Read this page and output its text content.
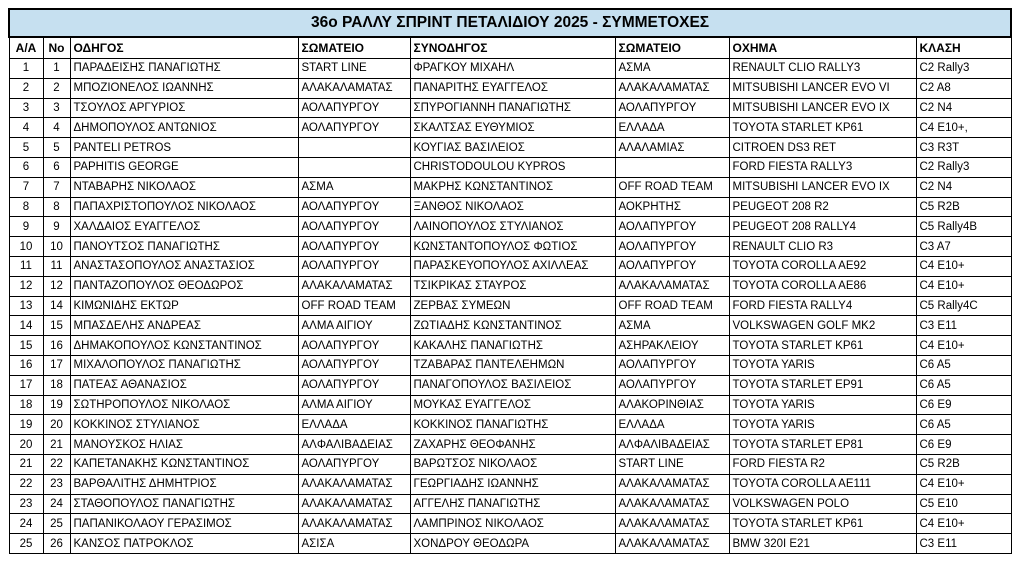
36ο ΡΑΛΛΥ ΣΠΡΙΝΤ ΠΕΤΑΛΙΔΙΟΥ 2025 - ΣΥΜΜΕΤΟΧΕΣ							
Α/Α	No	ΟΔΗΓΟΣ	ΣΩΜΑΤΕΙΟ	ΣΥΝΟΔΗΓΟΣ	ΣΩΜΑΤΕΙΟ	ΟΧΗΜΑ	ΚΛΑΣΗ
1	1	ΠΑΡΑΔΕΙΣΗΣ ΠΑΝΑΓΙΩΤΗΣ	START LINE	ΦΡΑΓΚΟΥ ΜΙΧΑΗΛ	ΑΣΜΑ	RENAULT CLIO RALLY3	C2 Rally3
2	2	ΜΠΟΖΙΟΝΕΛΟΣ ΙΩΑΝΝΗΣ	ΑΛΑΚΑΛΑΜΑΤΑΣ	ΠΑΝΑΡΙΤΗΣ ΕΥΑΓΓΕΛΟΣ	ΑΛΑΚΑΛΑΜΑΤΑΣ	MITSUBISHI LANCER EVO VI	C2 A8
3	3	ΤΣΟΥΛΟΣ ΑΡΓΥΡΙΟΣ	ΑΟΛΑΠΥΡΓΟΥ	ΣΠΥΡΟΓΙΑΝΝΗ ΠΑΝΑΓΙΩΤΗΣ	ΑΟΛΑΠΥΡΓΟΥ	MITSUBISHI LANCER EVO IX	C2 N4
4	4	ΔΗΜΟΠΟΥΛΟΣ ΑΝΤΩΝΙΟΣ	ΑΟΛΑΠΥΡΓΟΥ	ΣΚΑΛΤΣΑΣ ΕΥΘΥΜΙΟΣ	ΕΛΛΑΔΑ	TOYOTA STARLET KP61	C4 E10+,
5	5	PANTELI PETROS		ΚΟΥΓΙΑΣ ΒΑΣΙΛΕΙΟΣ	ΑΛΑΛΑΜΙΑΣ	CITROEN DS3 RET	C3 R3T
6	6	PAPHITIS GEORGE		CHRISTODOULOU KYPROS		FORD FIESTA RALLY3	C2 Rally3
7	7	ΝΤΑΒΑΡΗΣ ΝΙΚΟΛΑΟΣ	ΑΣΜΑ	ΜΑΚΡΗΣ ΚΩΝΣΤΑΝΤΙΝΟΣ	OFF ROAD TEAM	MITSUBISHI LANCER EVO IX	C2 N4
8	8	ΠΑΠΑΧΡΙΣΤΟΠΟΥΛΟΣ ΝΙΚΟΛΑΟΣ	ΑΟΛΑΠΥΡΓΟΥ	ΞΑΝΘΟΣ ΝΙΚΟΛΑΟΣ	ΑΟΚΡΗΤΗΣ	PEUGEOT 208 R2	C5 R2B
9	9	ΧΑΛΔΑΙΟΣ ΕΥΑΓΓΕΛΟΣ	ΑΟΛΑΠΥΡΓΟΥ	ΛΑΙΝΟΠΟΥΛΟΣ ΣΤΥΛΙΑΝΟΣ	ΑΟΛΑΠΥΡΓΟΥ	PEUGEOT 208 RALLY4	C5 Rally4B
10	10	ΠΑΝΟΥΤΣΟΣ ΠΑΝΑΓΙΩΤΗΣ	ΑΟΛΑΠΥΡΓΟΥ	ΚΩΝΣΤΑΝΤΟΠΟΥΛΟΣ ΦΩΤΙΟΣ	ΑΟΛΑΠΥΡΓΟΥ	RENAULT CLIO R3	C3 A7
11	11	ΑΝΑΣΤΑΣΟΠΟΥΛΟΣ ΑΝΑΣΤΑΣΙΟΣ	ΑΟΛΑΠΥΡΓΟΥ	ΠΑΡΑΣΚΕΥΟΠΟΥΛΟΣ ΑΧΙΛΛΕΑΣ	ΑΟΛΑΠΥΡΓΟΥ	TOYOTA COROLLA AE92	C4 E10+
12	12	ΠΑΝΤΑΖΟΠΟΥΛΟΣ ΘΕΟΔΩΡΟΣ	ΑΛΑΚΑΛΑΜΑΤΑΣ	ΤΣΙΚΡΙΚΑΣ ΣΤΑΥΡΟΣ	ΑΛΑΚΑΛΑΜΑΤΑΣ	TOYOTA COROLLA AE86	C4 E10+
13	14	ΚΙΜΩΝΙΔΗΣ ΕΚΤΩΡ	OFF ROAD TEAM	ΖΕΡΒΑΣ ΣΥΜΕΩΝ	OFF ROAD TEAM	FORD FIESTA RALLY4	C5 Rally4C
14	15	ΜΠΑΣΔΕΛΗΣ ΑΝΔΡΕΑΣ	ΑΛΜΑ ΑΙΓΙΟΥ	ΖΩΤΙΑΔΗΣ ΚΩΝΣΤΑΝΤΙΝΟΣ	ΑΣΜΑ	VOLKSWAGEN GOLF MK2	C3 E11
15	16	ΔΗΜΑΚΟΠΟΥΛΟΣ ΚΩΝΣΤΑΝΤΙΝΟΣ	ΑΟΛΑΠΥΡΓΟΥ	ΚΑΚΑΛΗΣ ΠΑΝΑΓΙΩΤΗΣ	ΑΣΗΡΑΚΛΕΙΟΥ	TOYOTA STARLET KP61	C4 E10+
16	17	ΜΙΧΑΛΟΠΟΥΛΟΣ ΠΑΝΑΓΙΩΤΗΣ	ΑΟΛΑΠΥΡΓΟΥ	ΤΖΑΒΑΡΑΣ ΠΑΝΤΕΛΕΗΜΩΝ	ΑΟΛΑΠΥΡΓΟΥ	TOYOTA YARIS	C6 A5
17	18	ΠΑΤΕΑΣ ΑΘΑΝΑΣΙΟΣ	ΑΟΛΑΠΥΡΓΟΥ	ΠΑΝΑΓΟΠΟΥΛΟΣ ΒΑΣΙΛΕΙΟΣ	ΑΟΛΑΠΥΡΓΟΥ	TOYOTA STARLET EP91	C6 A5
18	19	ΣΩΤΗΡΟΠΟΥΛΟΣ ΝΙΚΟΛΑΟΣ	ΑΛΜΑ ΑΙΓΙΟΥ	ΜΟΥΚΑΣ ΕΥΑΓΓΕΛΟΣ	ΑΛΑΚΟΡΙΝΘΙΑΣ	TOYOTA YARIS	C6 E9
19	20	ΚΟΚΚΙΝΟΣ ΣΤΥΛΙΑΝΟΣ	ΕΛΛΑΔΑ	ΚΟΚΚΙΝΟΣ ΠΑΝΑΓΙΩΤΗΣ	ΕΛΛΑΔΑ	TOYOTA YARIS	C6 A5
20	21	ΜΑΝΟΥΣΚΟΣ ΗΛΙΑΣ	ΑΛΦΑΛΙΒΑΔΕΙΑΣ	ΖΑΧΑΡΗΣ ΘΕΟΦΑΝΗΣ	ΑΛΦΑΛΙΒΑΔΕΙΑΣ	TOYOTA STARLET EP81	C6 E9
21	22	ΚΑΠΕΤΑΝΑΚΗΣ ΚΩΝΣΤΑΝΤΙΝΟΣ	ΑΟΛΑΠΥΡΓΟΥ	ΒΑΡΩΤΣΟΣ ΝΙΚΟΛΑΟΣ	START LINE	FORD FIESTA R2	C5 R2B
22	23	ΒΑΡΘΑΛΙΤΗΣ ΔΗΜΗΤΡΙΟΣ	ΑΛΑΚΑΛΑΜΑΤΑΣ	ΓΕΩΡΓΙΑΔΗΣ ΙΩΑΝΝΗΣ	ΑΛΑΚΑΛΑΜΑΤΑΣ	TOYOTA COROLLA AE111	C4 E10+
23	24	ΣΤΑΘΟΠΟΥΛΟΣ ΠΑΝΑΓΙΩΤΗΣ	ΑΛΑΚΑΛΑΜΑΤΑΣ	ΑΓΓΕΛΗΣ ΠΑΝΑΓΙΩΤΗΣ	ΑΛΑΚΑΛΑΜΑΤΑΣ	VOLKSWAGEN POLO	C5 E10
24	25	ΠΑΠΑΝΙΚΟΛΑΟΥ ΓΕΡΑΣΙΜΟΣ	ΑΛΑΚΑΛΑΜΑΤΑΣ	ΛΑΜΠΡΙΝΟΣ ΝΙΚΟΛΑΟΣ	ΑΛΑΚΑΛΑΜΑΤΑΣ	TOYOTA STARLET KP61	C4 E10+
25	26	ΚΑΝΣΟΣ ΠΑΤΡΟΚΛΟΣ	ΑΣΙΣΑ	ΧΟΝΔΡΟΥ ΘΕΟΔΩΡΑ	ΑΛΑΚΑΛΑΜΑΤΑΣ	BMW 320I E21	C3 E11
